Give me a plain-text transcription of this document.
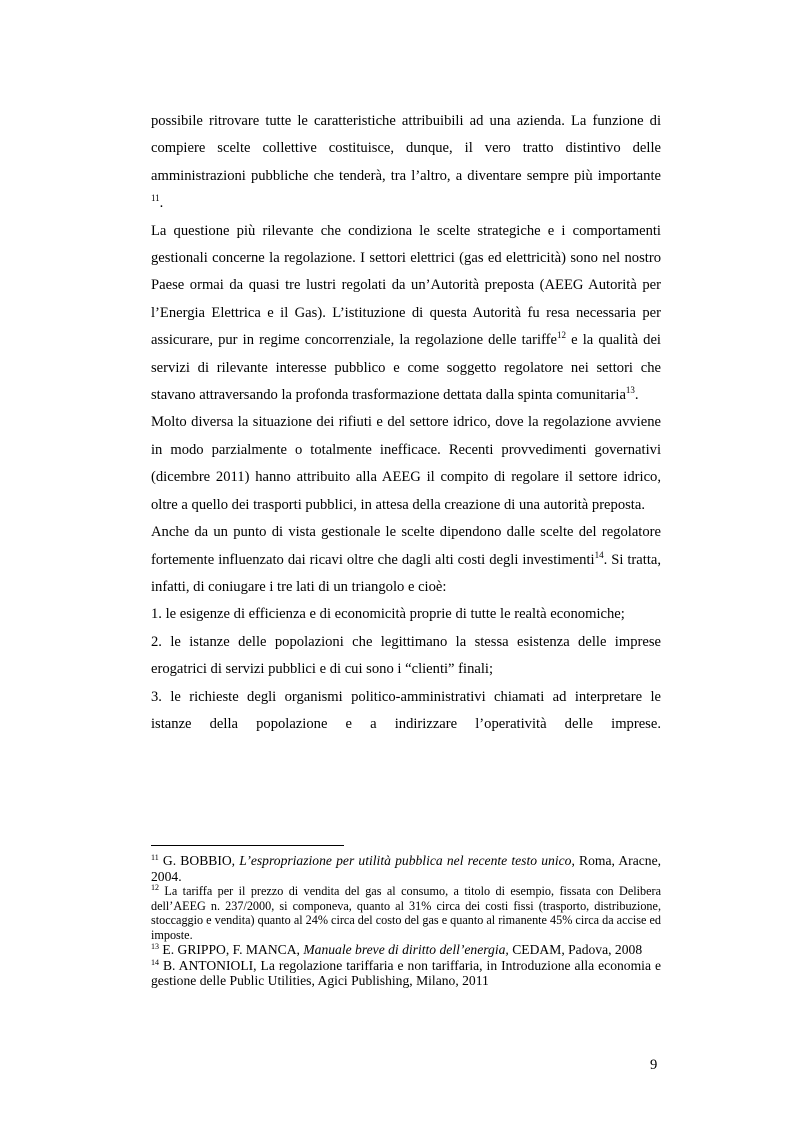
possibile ritrovare tutte le caratteristiche attribuibili ad una azienda. La funzione di compiere scelte collettive costituisce, dunque, il vero tratto distintivo delle amministrazioni pubbliche che tenderà, tra l’altro, a diventare sempre più importante $^{11}$.

La questione più rilevante che condiziona le scelte strategiche e i comportamenti gestionali concerne la regolazione. I settori elettrici (gas ed elettricità) sono nel nostro Paese ormai da quasi tre lustri regolati da un’Autorità preposta (AEEG Autorità per l’Energia Elettrica e il Gas). L’istituzione di questa Autorità fu resa necessaria per assicurare, pur in regime concorrenziale, la regolazione delle tariffe$^{12}$ e la qualità dei servizi di rilevante interesse pubblico e come soggetto regolatore nei settori che stavano attraversando la profonda trasformazione dettata dalla spinta comunitaria$^{13}$.

Molto diversa la situazione dei rifiuti e del settore idrico, dove la regolazione avviene in modo parzialmente o totalmente inefficace. Recenti provvedimenti governativi (dicembre 2011) hanno attribuito alla AEEG il compito di regolare il settore idrico, oltre a quello dei trasporti pubblici, in attesa della creazione di una autorità preposta.

Anche da un punto di vista gestionale le scelte dipendono dalle scelte del regolatore fortemente influenzato dai ricavi oltre che dagli alti costi degli investimenti$^{14}$. Si tratta, infatti, di coniugare i tre lati di un triangolo e cioè:

1. le esigenze di efficienza e di economicità proprie di tutte le realtà economiche;

2. le istanze delle popolazioni che legittimano la stessa esistenza delle imprese erogatrici di servizi pubblici e di cui sono i “clienti” finali;

3. le richieste degli organismi politico-amministrativi chiamati ad interpretare le istanze della popolazione e a indirizzare l’operatività delle imprese.

$^{11}$ G. BOBBIO, L’espropriazione per utilità pubblica nel recente testo unico, Roma, Aracne, 2004.

$^{12}$ La tariffa per il prezzo di vendita del gas al consumo, a titolo di esempio, fissata con Delibera dell’AEEG n. 237/2000, si componeva, quanto al 31% circa dei costi fissi (trasporto, distribuzione, stoccaggio e vendita) quanto al 24% circa del costo del gas e quanto al rimanente 45% circa da accise ed imposte.

$^{13}$ E. GRIPPO, F. MANCA, Manuale breve di diritto dell’energia, CEDAM, Padova, 2008

$^{14}$ B. ANTONIOLI, La regolazione tariffaria e non tariffaria, in Introduzione alla economia e gestione delle Public Utilities, Agici Publishing, Milano, 2011

9
